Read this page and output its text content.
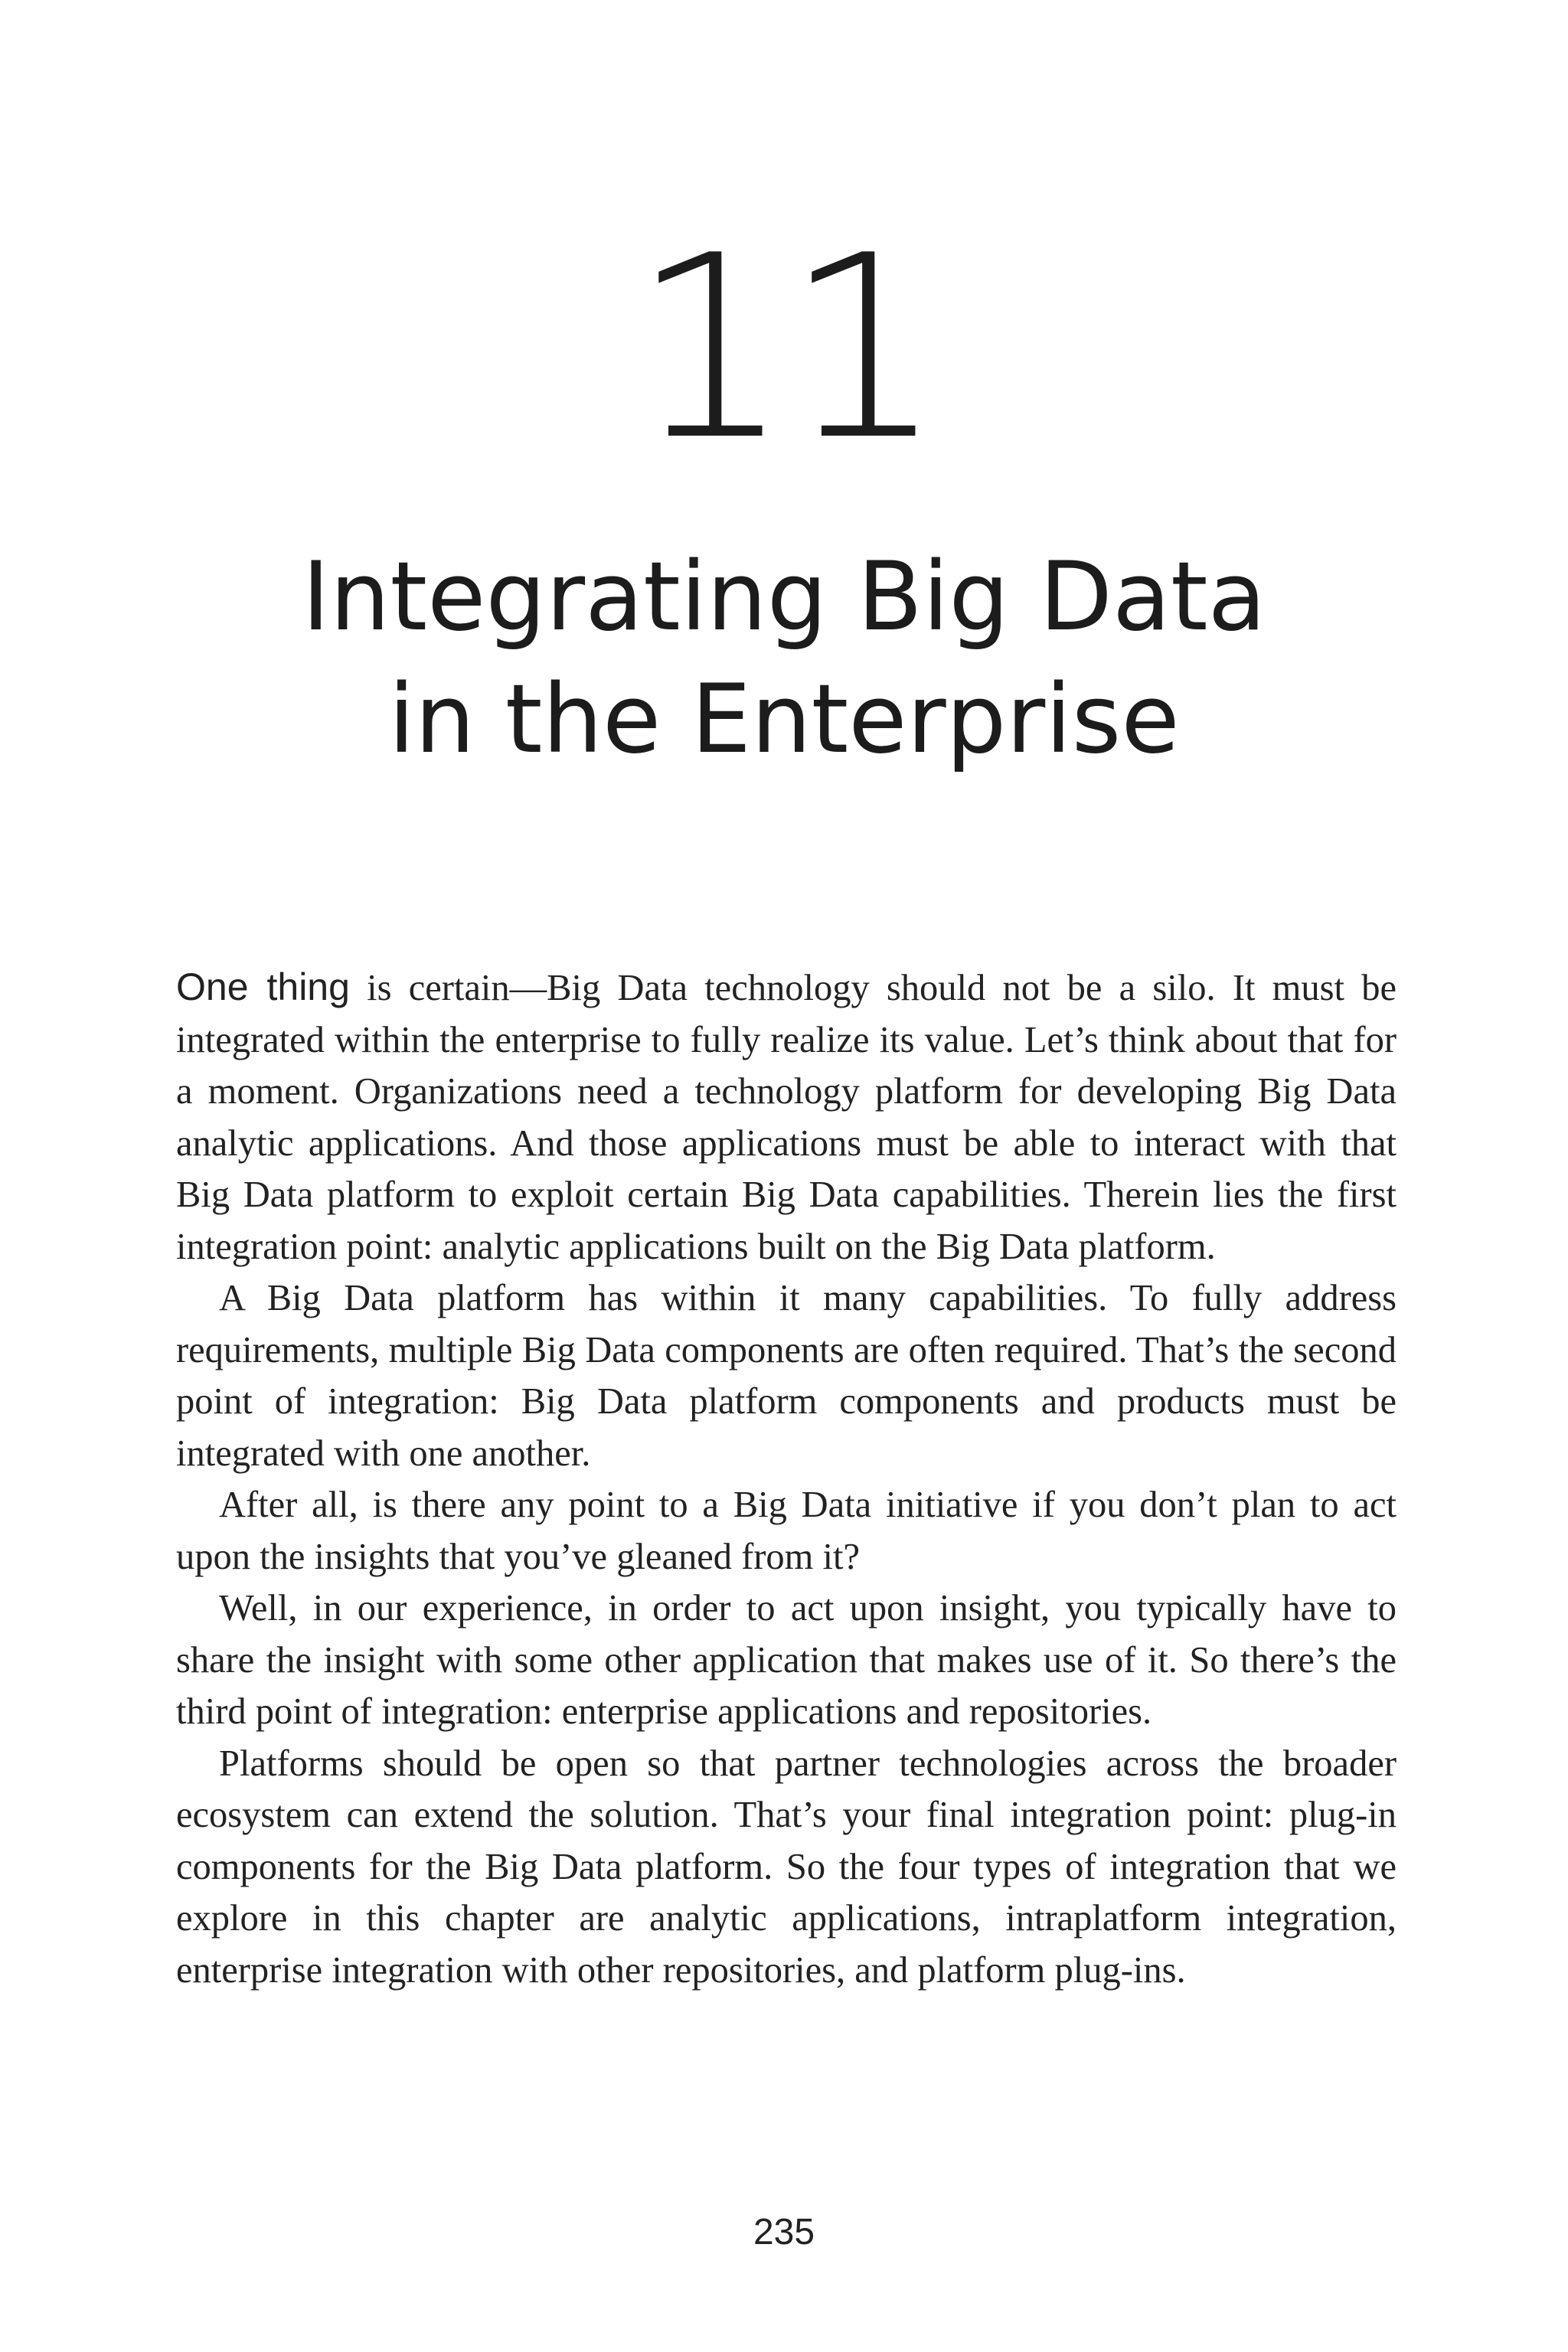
11
Integrating Big Data
in the Enterprise

One thing is certain—Big Data technology should not be a silo. It must be integrated within the enterprise to fully realize its value. Let’s think about that for a moment. Organizations need a technology platform for developing Big Data analytic applications. And those applications must be able to interact with that Big Data platform to exploit certain Big Data capabilities. Therein lies the first integration point: analytic applications built on the Big Data platform.

A Big Data platform has within it many capabilities. To fully address requirements, multiple Big Data components are often required. That’s the second point of integration: Big Data platform components and products must be integrated with one another.

After all, is there any point to a Big Data initiative if you don’t plan to act upon the insights that you’ve gleaned from it?

Well, in our experience, in order to act upon insight, you typically have to share the insight with some other application that makes use of it. So there’s the third point of integration: enterprise applications and repositories.

Platforms should be open so that partner technologies across the broader ecosystem can extend the solution. That’s your final integration point: plug-in components for the Big Data platform. So the four types of integration that we explore in this chapter are analytic applications, intraplatform integration, enterprise integration with other repositories, and platform plug-ins.

235
